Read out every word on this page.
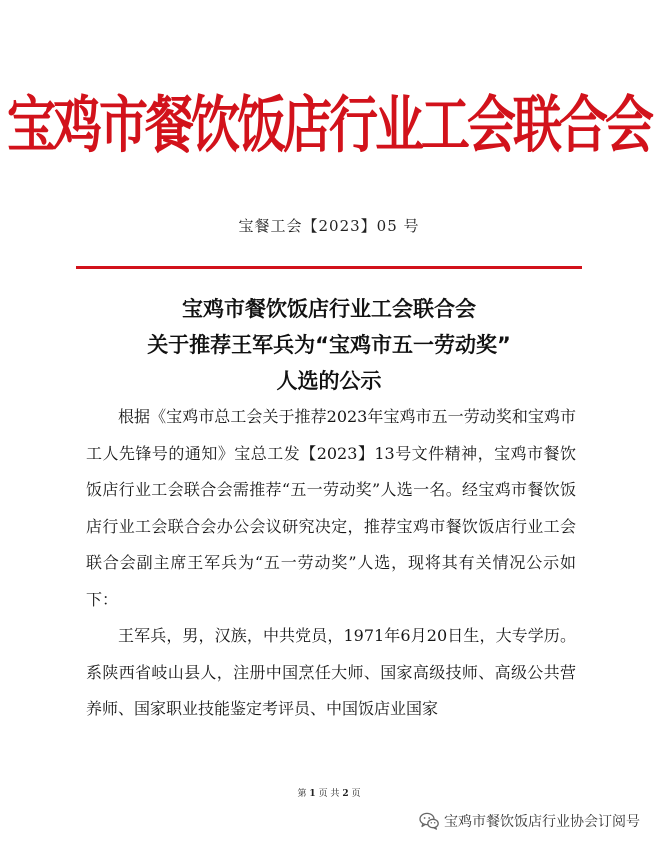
宝鸡市餐饮饭店行业工会联合会
宝餐工会【2023】05 号
宝鸡市餐饮饭店行业工会联合会
关于推荐王军兵为“宝鸡市五一劳动奖”
人选的公示

根据《宝鸡市总工会关于推荐2023年宝鸡市五一劳动奖和宝鸡市工人先锋号的通知》宝总工发【2023】13号文件精神，宝鸡市餐饮饭店行业工会联合会需推荐“五一劳动奖”人选一名。经宝鸡市餐饮饭店行业工会联合会办公会议研究决定，推荐宝鸡市餐饮饭店行业工会联合会副主席王军兵为“五一劳动奖”人选，现将其有关情况公示如下：

王军兵，男，汉族，中共党员，1971年6月20日生，大专学历。系陕西省岐山县人，注册中国烹任大师、国家高级技师、高级公共营养师、国家职业技能鉴定考评员、中国饭店业国家

第 1 页 共 2 页
宝鸡市餐饮饭店行业协会订阅号
